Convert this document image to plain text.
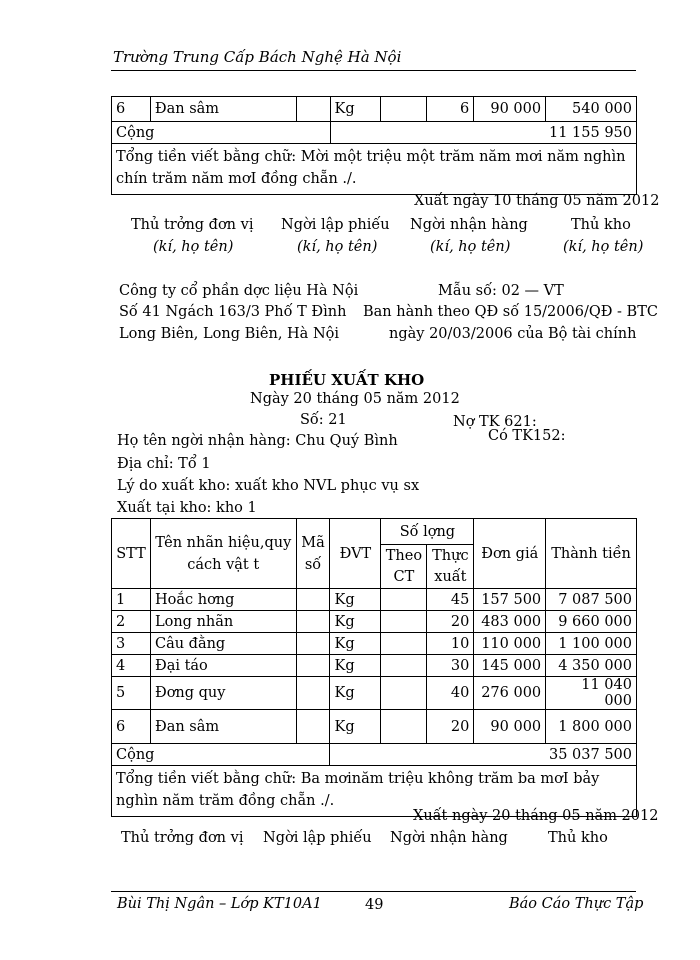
Trường Trung Cấp Bách Nghệ Hà Nội
6	Đan sâm		Kg		6	90 000	540 000
Cộng			11 155 950				
Tổng tiền viết bằng chữ: Mời một triệu một trăm năm mơi năm nghìn chín trăm năm mơI đồng chẵn ./.							
Xuất ngày 10 tháng 05 năm 2012
Thủ trởng đơn vị Ngời lập phiếu Ngời nhận hàng	Thủ kho
(kí, họ tên)	(kí, họ tên)	(kí, họ tên)	(kí, họ tên)
Công ty cổ phần dợc liệu Hà Nội
Số 41 Ngách 163/3 Phố T Đình
Long Biên, Long Biên, Hà Nội
Mẫu số: 02 — VT
Ban hành theo QĐ số 15/2006/QĐ - BTC
ngày 20/03/2006 của Bộ tài chính
PHIẾU XUẤT KHO
Ngày 20 tháng 05 năm 2012
Số: 21	Nợ TK 621:
Có TK152:
Họ tên ngời nhận hàng: Chu Quý Bình
Địa chỉ: Tổ 1
Lý do xuất kho: xuất kho NVL phục vụ sx
Xuất tại kho: kho 1
STT	Tên nhãn hiệu,quy cách vật t	Mã số	ĐVT	Số lợng		Đơn giá	Thành tiền
				Theo CT	Thực xuất		
1	Hoắc hơng		Kg		45	157 500	7 087 500
2	Long nhãn		Kg		20	483 000	9 660 000
3	Câu đằng		Kg		10	110 000	1 100 000
4	Đại táo		Kg		30	145 000	4 350 000
5	Đơng quy		Kg		40	276 000	11 040 000
6	Đan sâm		Kg		20	90 000	1 800 000
Cộng			35 037 500				
Tổng tiền viết bằng chữ: Ba mơinăm triệu không trăm ba mơI bảy nghìn năm trăm đồng chẵn ./.							
Xuất ngày 20 tháng 05 năm 2012
Thủ trởng đơn vị Ngời lập phiếu Ngời nhận hàng	Thủ kho
Bùi Thị Ngân – Lớp KT10A1	49	Báo Cáo Thực Tập
